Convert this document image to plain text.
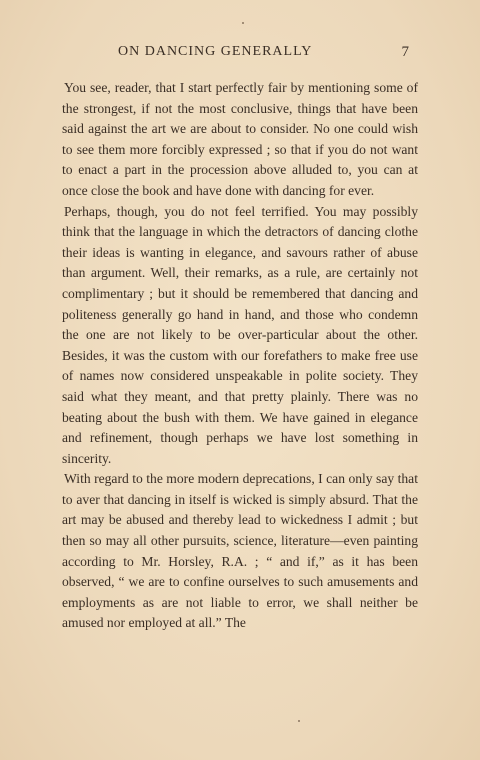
ON DANCING GENERALLY	7

You see, reader, that I start perfectly fair by mentioning some of the strongest, if not the most conclusive, things that have been said against the art we are about to consider. No one could wish to see them more forcibly expressed ; so that if you do not want to enact a part in the procession above alluded to, you can at once close the book and have done with dancing for ever.

Perhaps, though, you do not feel terrified. You may possibly think that the language in which the detractors of dancing clothe their ideas is wanting in elegance, and savours rather of abuse than argument. Well, their remarks, as a rule, are certainly not complimentary ; but it should be remembered that dancing and politeness generally go hand in hand, and those who condemn the one are not likely to be over-particular about the other. Besides, it was the custom with our forefathers to make free use of names now considered unspeakable in polite society. They said what they meant, and that pretty plainly. There was no beating about the bush with them. We have gained in elegance and refinement, though perhaps we have lost something in sincerity.

With regard to the more modern deprecations, I can only say that to aver that dancing in itself is wicked is simply absurd. That the art may be abused and thereby lead to wickedness I admit ; but then so may all other pursuits, science, literature—even painting according to Mr. Horsley, R.A. ; “ and if,” as it has been observed, “ we are to confine ourselves to such amusements and employments as are not liable to error, we shall neither be amused nor employed at all.” The
